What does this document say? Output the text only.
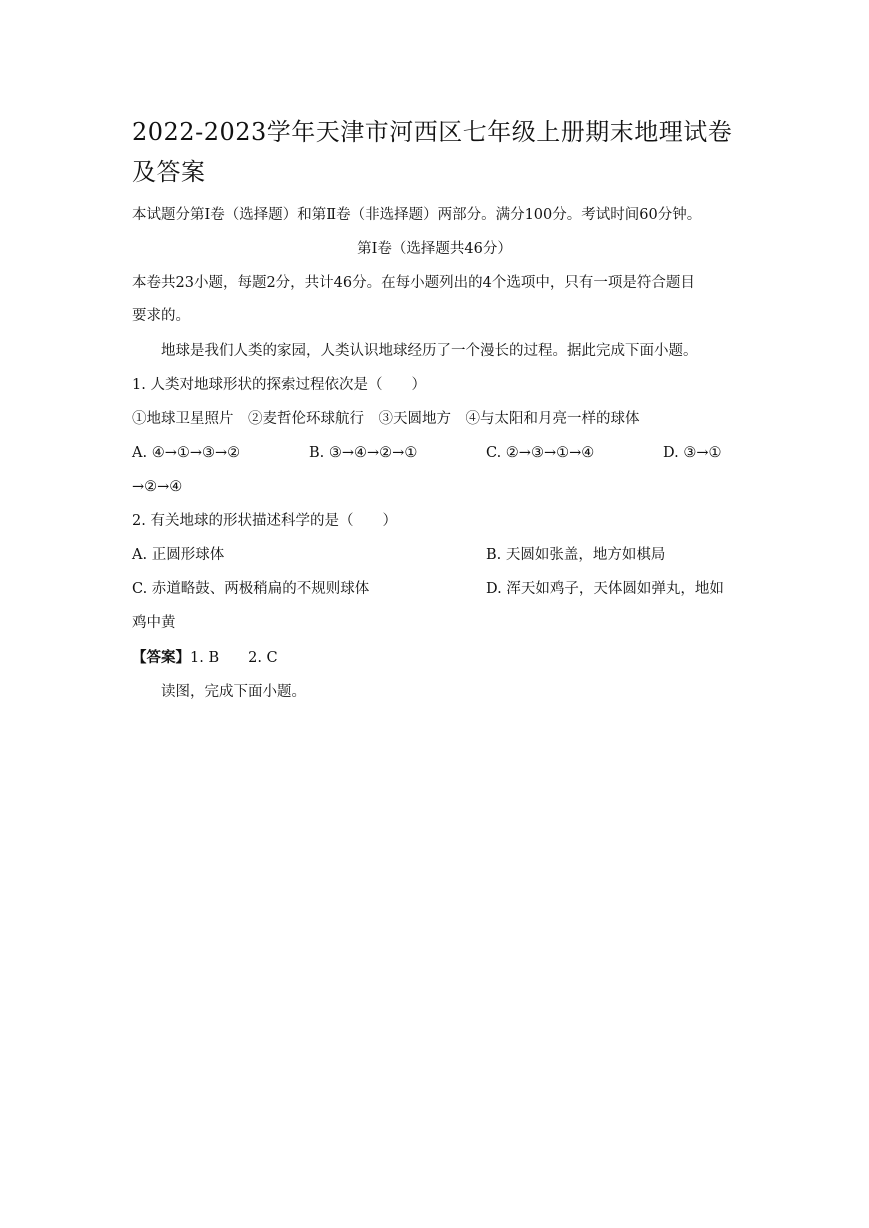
2022-2023学年天津市河西区七年级上册期末地理试卷及答案
本试题分第Ⅰ卷（选择题）和第Ⅱ卷（非选择题）两部分。满分100分。考试时间60分钟。
第Ⅰ卷（选择题共46分）
本卷共23小题，每题2分，共计46分。在每小题列出的4个选项中，只有一项是符合题目
要求的。
地球是我们人类的家园，人类认识地球经历了一个漫长的过程。据此完成下面小题。
1. 人类对地球形状的探索过程依次是（　　）
①地球卫星照片　②麦哲伦环球航行　③天圆地方　④与太阳和月亮一样的球体
A. ④→①→③→②	B. ③→④→②→①	C. ②→③→①→④	D. ③→①
→②→④
2. 有关地球的形状描述科学的是（　　）
A. 正圆形球体	B. 天圆如张盖，地方如棋局
C. 赤道略鼓、两极稍扁的不规则球体	D. 浑天如鸡子，天体圆如弹丸，地如
鸡中黄
【答案】1. B　　2. C
读图，完成下面小题。
